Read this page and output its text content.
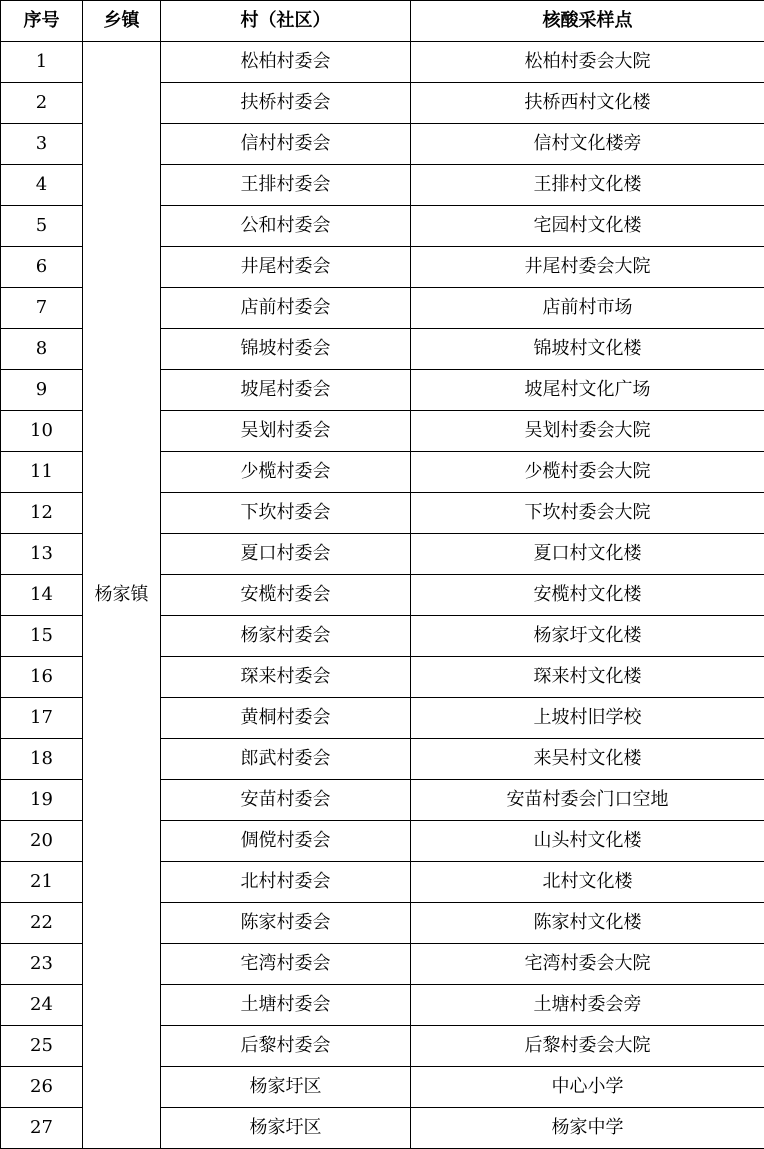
序号	乡镇	村（社区）	核酸采样点
1	杨家镇	松柏村委会	松柏村委会大院
2		扶桥村委会	扶桥西村文化楼
3		信村村委会	信村文化楼旁
4		王排村委会	王排村文化楼
5		公和村委会	宅园村文化楼
6		井尾村委会	井尾村委会大院
7		店前村委会	店前村市场
8		锦坡村委会	锦坡村文化楼
9		坡尾村委会	坡尾村文化广场
10		吴划村委会	吴划村委会大院
11		少榄村委会	少榄村委会大院
12		下坎村委会	下坎村委会大院
13		夏口村委会	夏口村文化楼
14		安榄村委会	安榄村文化楼
15		杨家村委会	杨家圩文化楼
16		琛来村委会	琛来村文化楼
17		黄桐村委会	上坡村旧学校
18		郎武村委会	来吴村文化楼
19		安苗村委会	安苗村委会门口空地
20		倜傥村委会	山头村文化楼
21		北村村委会	北村文化楼
22		陈家村委会	陈家村文化楼
23		宅湾村委会	宅湾村委会大院
24		土塘村委会	土塘村委会旁
25		后黎村委会	后黎村委会大院
26		杨家圩区	中心小学
27		杨家圩区	杨家中学
